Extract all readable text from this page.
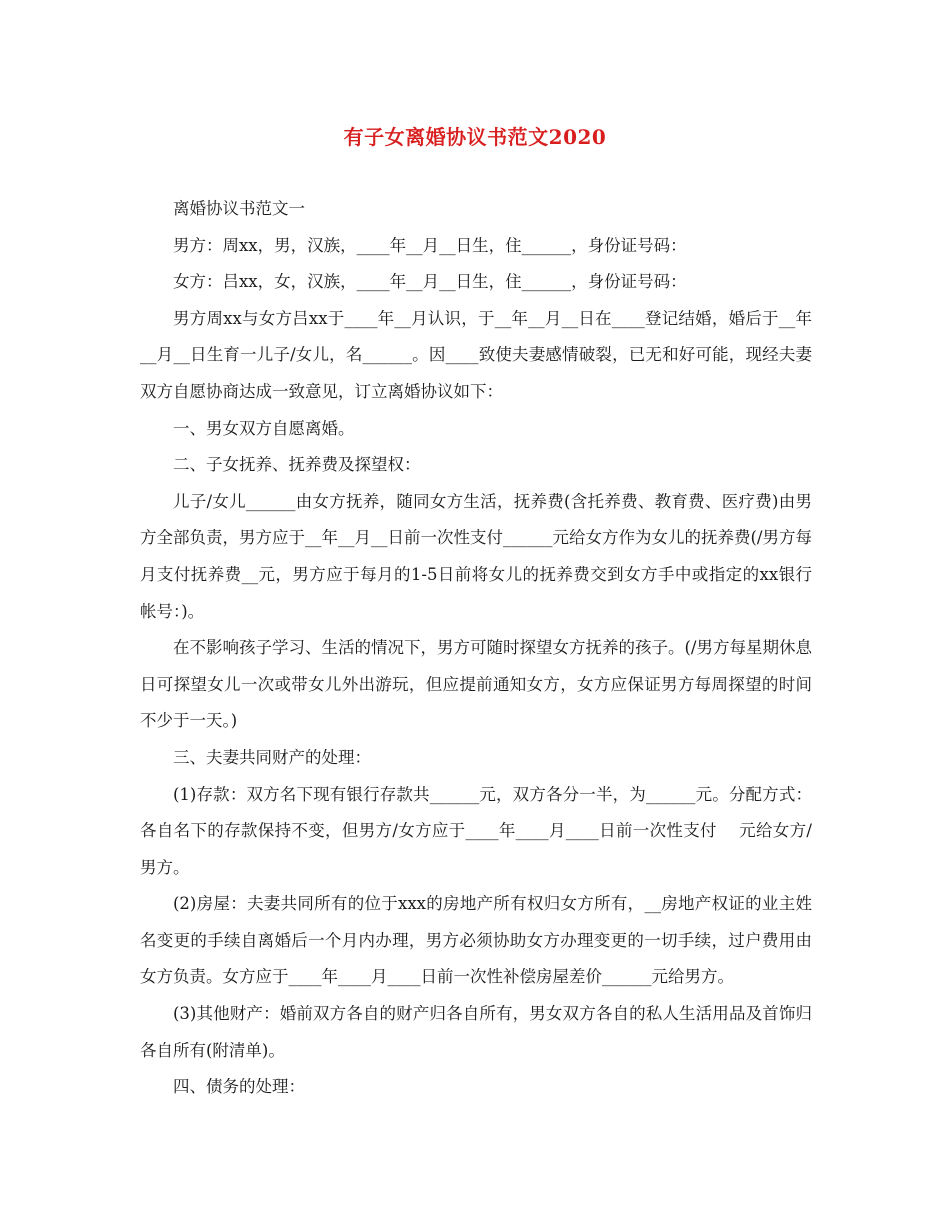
有子女离婚协议书范文2020

离婚协议书范文一

男方：周xx，男，汉族，____年__月__日生，住______，身份证号码：

女方：吕xx，女，汉族，____年__月__日生，住______，身份证号码：

男方周xx与女方吕xx于____年__月认识，于__年__月__日在____登记结婚，婚后于__年__月__日生育一儿子/女儿，名______。因____致使夫妻感情破裂，已无和好可能，现经夫妻双方自愿协商达成一致意见，订立离婚协议如下：

一、男女双方自愿离婚。

二、子女抚养、抚养费及探望权：

儿子/女儿______由女方抚养，随同女方生活，抚养费(含托养费、教育费、医疗费)由男方全部负责，男方应于__年__月__日前一次性支付______元给女方作为女儿的抚养费(/男方每月支付抚养费__元，男方应于每月的1-5日前将女儿的抚养费交到女方手中或指定的xx银行帐号：)。

在不影响孩子学习、生活的情况下，男方可随时探望女方抚养的孩子。(/男方每星期休息日可探望女儿一次或带女儿外出游玩，但应提前通知女方，女方应保证男方每周探望的时间不少于一天。)

三、夫妻共同财产的处理：

(1)存款：双方名下现有银行存款共______元，双方各分一半，为______元。分配方式：各自名下的存款保持不变，但男方/女方应于____年____月____日前一次性支付    元给女方/男方。

(2)房屋：夫妻共同所有的位于xxx的房地产所有权归女方所有，__房地产权证的业主姓名变更的手续自离婚后一个月内办理，男方必须协助女方办理变更的一切手续，过户费用由女方负责。女方应于____年____月____日前一次性补偿房屋差价______元给男方。

(3)其他财产：婚前双方各自的财产归各自所有，男女双方各自的私人生活用品及首饰归各自所有(附清单)。

四、债务的处理：
